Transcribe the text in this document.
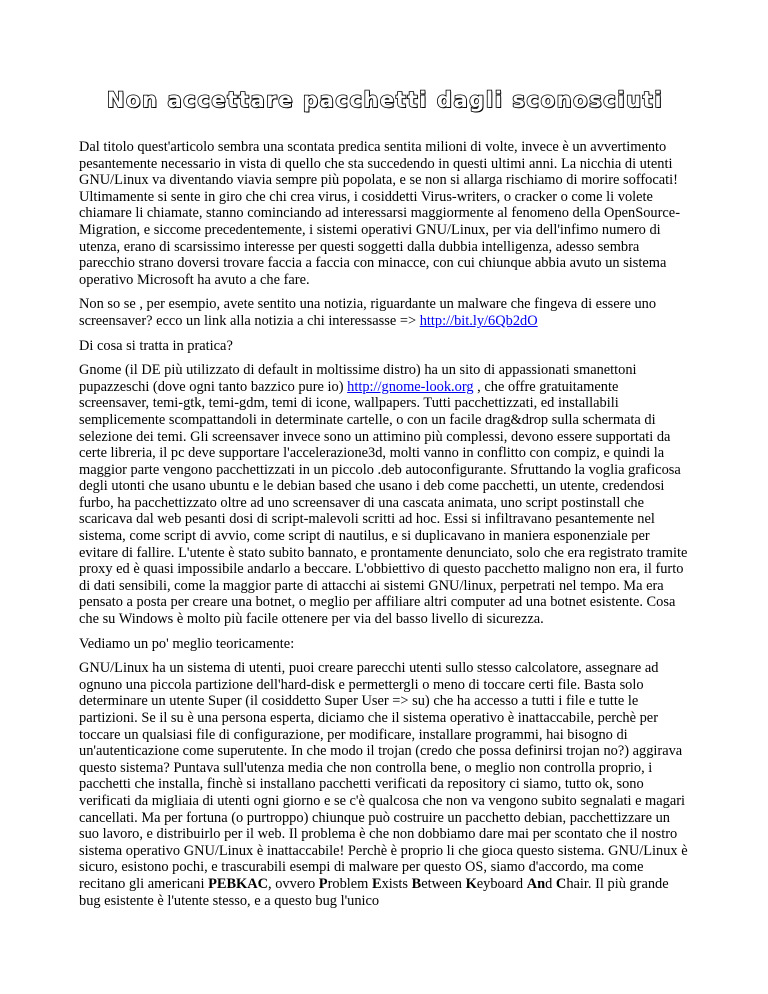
Non accettare pacchetti dagli sconosciuti

Dal titolo quest'articolo sembra una scontata predica sentita milioni di volte, invece è un avvertimento pesantemente necessario in vista di quello che sta succedendo in questi ultimi anni. La nicchia di utenti GNU/Linux va diventando viavia sempre più popolata, e se non si allarga rischiamo di morire soffocati! Ultimamente si sente in giro che chi crea virus, i cosiddetti Virus-writers, o cracker o come li volete chiamare li chiamate, stanno cominciando ad interessarsi maggiormente al fenomeno della OpenSource-Migration, e siccome precedentemente, i sistemi operativi GNU/Linux, per via dell'infimo numero di utenza, erano di scarsissimo interesse per questi soggetti dalla dubbia intelligenza, adesso sembra parecchio strano doversi trovare faccia a faccia con minacce, con cui chiunque abbia avuto un sistema operativo Microsoft ha avuto a che fare.

Non so se , per esempio, avete sentito una notizia, riguardante un malware che fingeva di essere uno screensaver? ecco un link alla notizia a chi interessasse => http://bit.ly/6Qb2dO

Di cosa si tratta in pratica?

Gnome (il DE più utilizzato di default in moltissime distro) ha un sito di appassionati smanettoni pupazzeschi (dove ogni tanto bazzico pure io) http://gnome-look.org , che offre gratuitamente screensaver, temi-gtk, temi-gdm, temi di icone, wallpapers. Tutti pacchettizzati, ed installabili semplicemente scompattandoli in determinate cartelle, o con un facile drag&drop sulla schermata di selezione dei temi. Gli screensaver invece sono un attimino più complessi, devono essere supportati da certe libreria, il pc deve supportare l'accelerazione3d, molti vanno in conflitto con compiz, e quindi la maggior parte vengono pacchettizzati in un piccolo .deb autoconfigurante. Sfruttando la voglia graficosa degli utonti che usano ubuntu e le debian based che usano i deb come pacchetti, un utente, credendosi furbo, ha pacchettizzato oltre ad uno screensaver di una cascata animata, uno script postinstall che scaricava dal web pesanti dosi di script-malevoli scritti ad hoc. Essi si infiltravano pesantemente nel sistema, come script di avvio, come script di nautilus, e si duplicavano in maniera esponenziale per evitare di fallire. L'utente è stato subito bannato, e prontamente denunciato, solo che era registrato tramite proxy ed è quasi impossibile andarlo a beccare. L'obbiettivo di questo pacchetto maligno non era, il furto di dati sensibili, come la maggior parte di attacchi ai sistemi GNU/linux, perpetrati nel tempo. Ma era pensato a posta per creare una botnet, o meglio per affiliare altri computer ad una botnet esistente. Cosa che su Windows è molto più facile ottenere per via del basso livello di sicurezza.

Vediamo un po' meglio teoricamente:

GNU/Linux ha un sistema di utenti, puoi creare parecchi utenti sullo stesso calcolatore, assegnare ad ognuno una piccola partizione dell'hard-disk e permettergli o meno di toccare certi file. Basta solo determinare un utente Super (il cosiddetto Super User => su) che ha accesso a tutti i file e tutte le partizioni. Se il su è una persona esperta, diciamo che il sistema operativo è inattaccabile, perchè per toccare un qualsiasi file di configurazione, per modificare, installare programmi, hai bisogno di un'autenticazione come superutente. In che modo il trojan (credo che possa definirsi trojan no?) aggirava questo sistema? Puntava sull'utenza media che non controlla bene, o meglio non controlla proprio, i pacchetti che installa, finchè si installano pacchetti verificati da repository ci siamo, tutto ok, sono verificati da migliaia di utenti ogni giorno e se c'è qualcosa che non va vengono subito segnalati e magari cancellati. Ma per fortuna (o purtroppo) chiunque può costruire un pacchetto debian, pacchettizzare un suo lavoro, e distribuirlo per il web. Il problema è che non dobbiamo dare mai per scontato che il nostro sistema operativo GNU/Linux è inattaccabile! Perchè è proprio li che gioca questo sistema. GNU/Linux è sicuro, esistono pochi, e trascurabili esempi di malware per questo OS, siamo d'accordo, ma come recitano gli americani PEBKAC, ovvero Problem Exists Between Keyboard And Chair. Il più grande bug esistente è l'utente stesso, e a questo bug l'unico
